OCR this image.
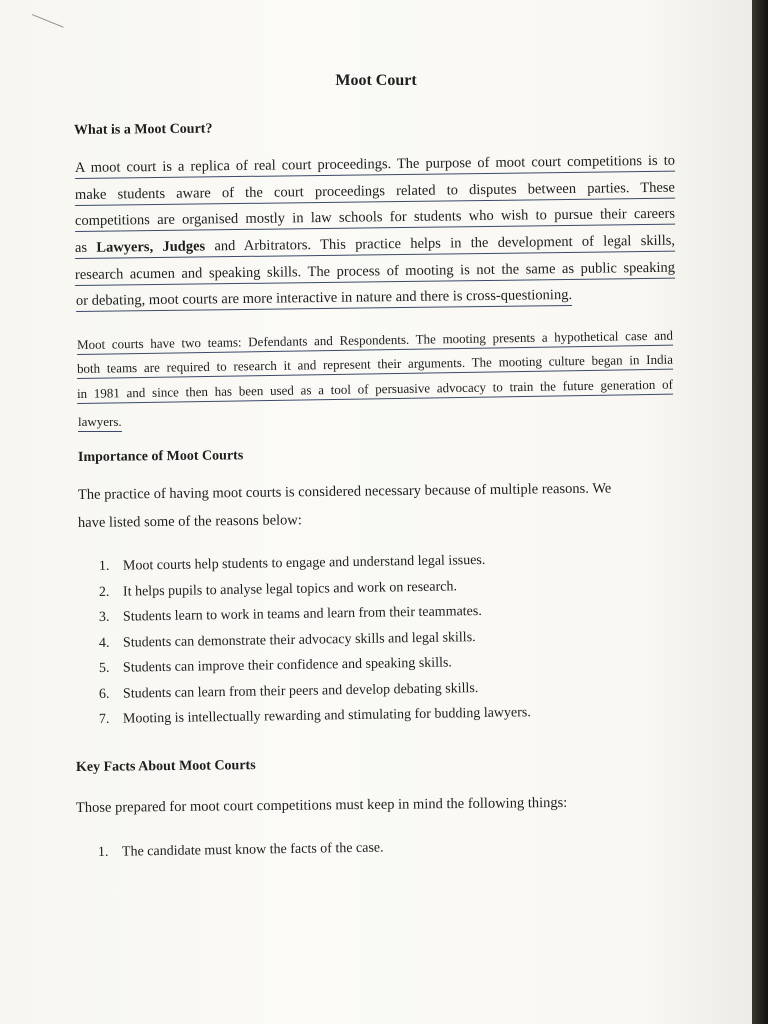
Moot Court
What is a Moot Court?
A moot court is a replica of real court proceedings. The purpose of moot court competitions is to
make students aware of the court proceedings related to disputes between parties. These
competitions are organised mostly in law schools for students who wish to pursue their careers
as Lawyers, Judges and Arbitrators. This practice helps in the development of legal skills,
research acumen and speaking skills. The process of mooting is not the same as public speaking
or debating, moot courts are more interactive in nature and there is cross-questioning.
Moot courts have two teams: Defendants and Respondents. The mooting presents a hypothetical case and
both teams are required to research it and represent their arguments. The mooting culture began in India
in 1981 and since then has been used as a tool of persuasive advocacy to train the future generation of
lawyers.
Importance of Moot Courts
The practice of having moot courts is considered necessary because of multiple reasons. We
have listed some of the reasons below:
1. Moot courts help students to engage and understand legal issues.
2. It helps pupils to analyse legal topics and work on research.
3. Students learn to work in teams and learn from their teammates.
4. Students can demonstrate their advocacy skills and legal skills.
5. Students can improve their confidence and speaking skills.
6. Students can learn from their peers and develop debating skills.
7. Mooting is intellectually rewarding and stimulating for budding lawyers.
Key Facts About Moot Courts
Those prepared for moot court competitions must keep in mind the following things:
1. The candidate must know the facts of the case.
